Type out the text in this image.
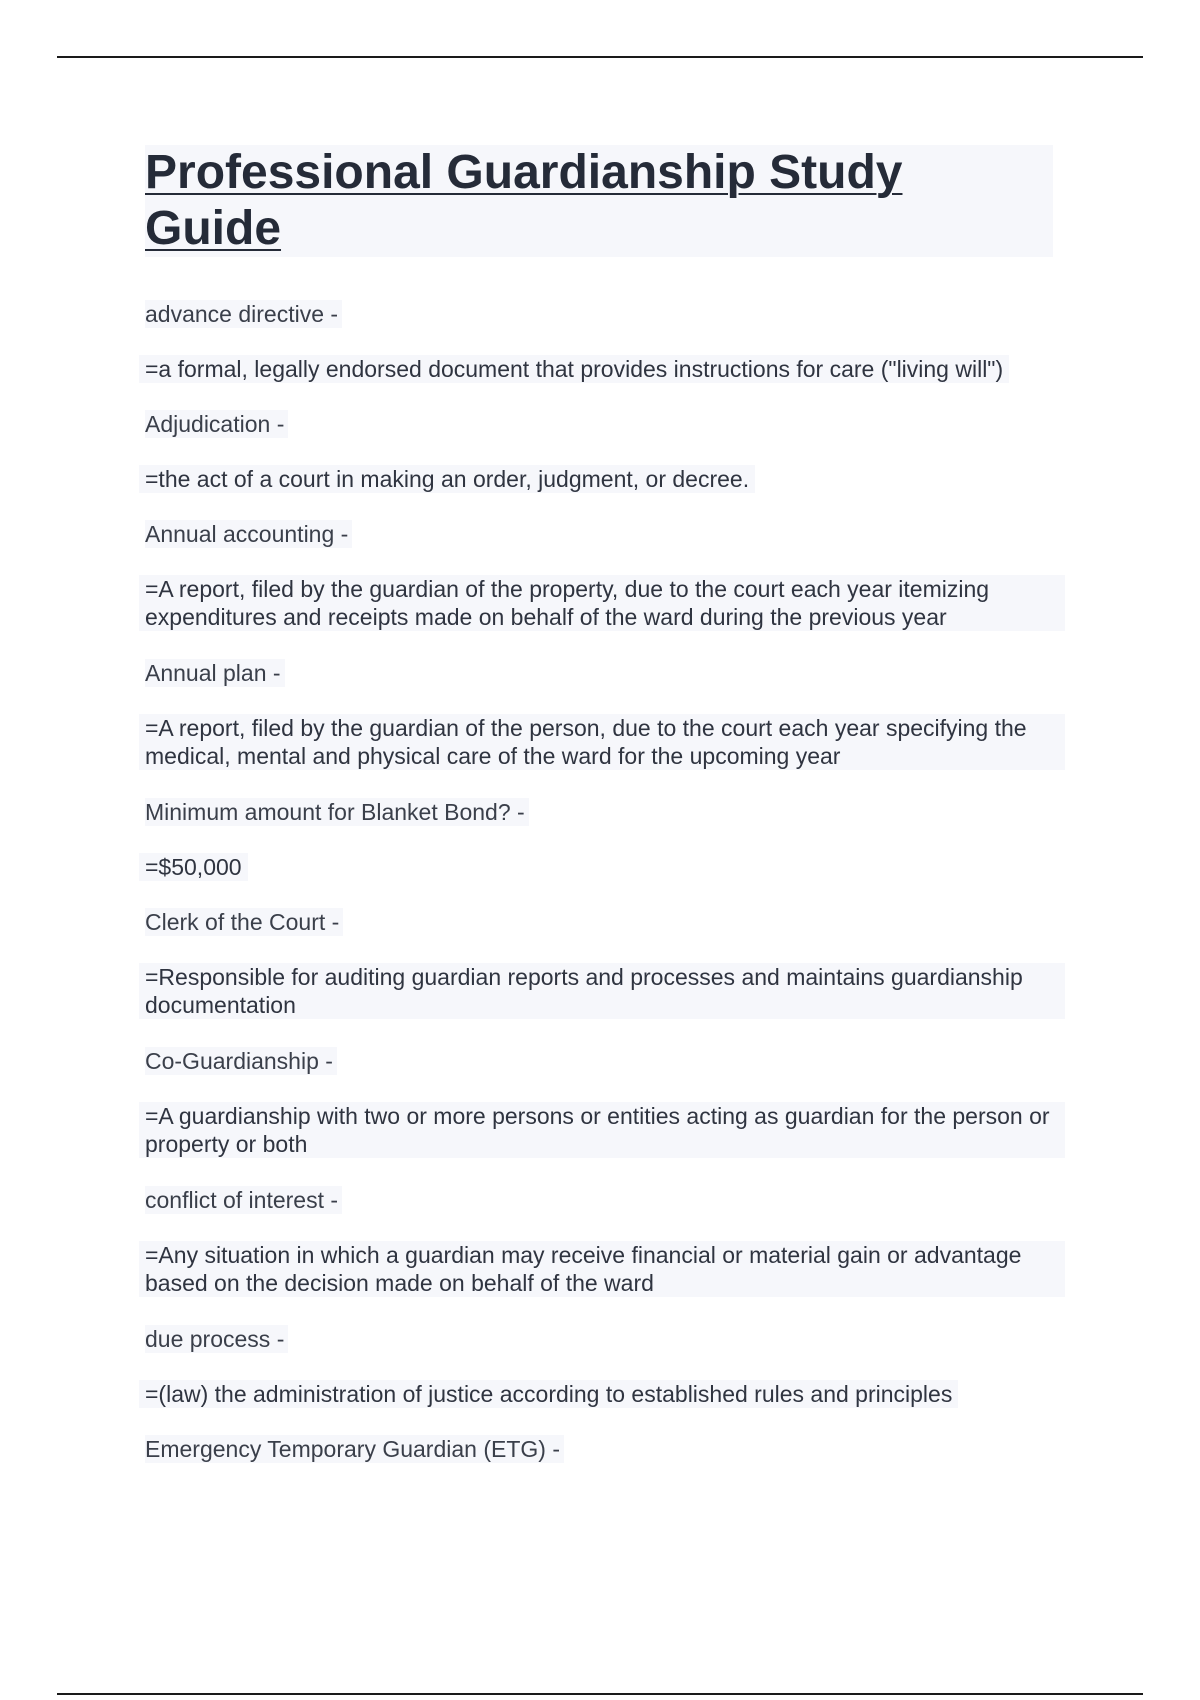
Professional Guardianship Study Guide
advance directive -
=a formal, legally endorsed document that provides instructions for care ("living will")
Adjudication -
=the act of a court in making an order, judgment, or decree.
Annual accounting -
=A report, filed by the guardian of the property, due to the court each year itemizing expenditures and receipts made on behalf of the ward during the previous year
Annual plan -
=A report, filed by the guardian of the person, due to the court each year specifying the medical, mental and physical care of the ward for the upcoming year
Minimum amount for Blanket Bond? -
=$50,000
Clerk of the Court -
=Responsible for auditing guardian reports and processes and maintains guardianship documentation
Co-Guardianship -
=A guardianship with two or more persons or entities acting as guardian for the person or property or both
conflict of interest -
=Any situation in which a guardian may receive financial or material gain or advantage based on the decision made on behalf of the ward
due process -
=(law) the administration of justice according to established rules and principles
Emergency Temporary Guardian (ETG) -
